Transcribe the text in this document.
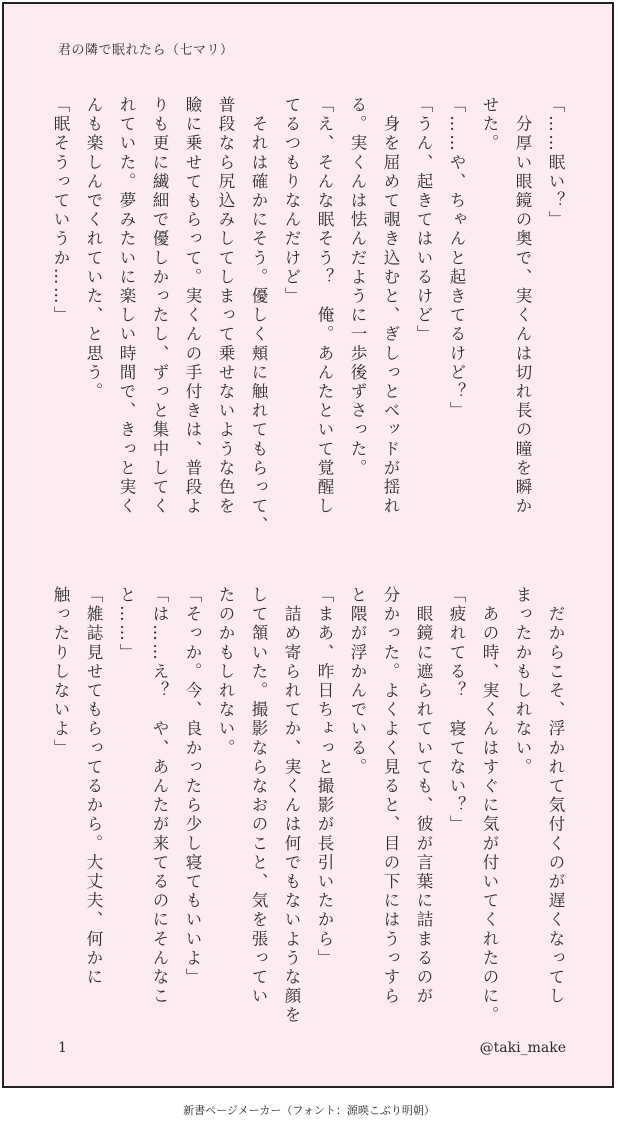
君の隣で眠れたら（七マリ）
「……眠い？」
　分厚い眼鏡の奥で、実くんは切れ長の瞳を瞬か
せた。
「……や、ちゃんと起きてるけど？」
「うん、起きてはいるけど」
　身を屈めて覗き込むと、ぎしっとベッドが揺れ
る。実くんは怯んだように一歩後ずさった。
「え、そんな眠そう？　俺。あんたといて覚醒し
てるつもりなんだけど」
　それは確かにそう。優しく頬に触れてもらって、
普段なら尻込みしてしまって乗せないような色を
瞼に乗せてもらって。実くんの手付きは、普段よ
りも更に繊細で優しかったし、ずっと集中してく
れていた。夢みたいに楽しい時間で、きっと実く
んも楽しんでくれていた、と思う。
「眠そうっていうか……」
　だからこそ、浮かれて気付くのが遅くなってし
まったかもしれない。
　あの時、実くんはすぐに気が付いてくれたのに。
「疲れてる？　寝てない？」
　眼鏡に遮られていても、彼が言葉に詰まるのが
分かった。よくよく見ると、目の下にはうっすら
と隈が浮かんでいる。
「まあ、昨日ちょっと撮影が長引いたから」
　詰め寄られてか、実くんは何でもないような顔を
して頷いた。撮影ならなおのこと、気を張ってい
たのかもしれない。
「そっか。今、良かったら少し寝てもいいよ」
「は……え？　や、あんたが来てるのにそんなこ
と……」
「雑誌見せてもらってるから。大丈夫、何かに
触ったりしないよ」
1	@taki_make
新書ページメーカー（フォント：源暎こぶり明朝）
